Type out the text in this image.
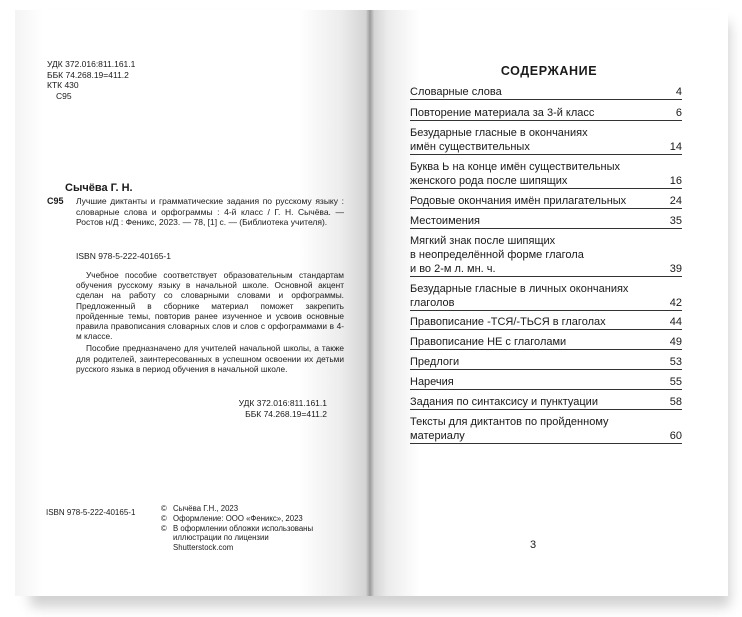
УДК 372.016:811.161.1
ББК 74.268.19=411.2
КТК 430
С95
Сычёва Г. Н.
С95 Лучшие диктанты и грамматические задания по русскому языку : словарные слова и орфограммы : 4-й класс / Г. Н. Сычёва. — Ростов н/Д : Феникс, 2023. — 78, [1] с. — (Библиотека учителя).
ISBN 978-5-222-40165-1

Учебное пособие соответствует образовательным стандартам обучения русскому языку в начальной школе. Основной акцент сделан на работу со словарными словами и орфограммы. Предложенный в сборнике материал поможет закрепить пройденные темы, повторив ранее изученное и усвоив основные правила правописания словарных слов и слов с орфограммами в 4-м классе.

Пособие предназначено для учителей начальной школы, а также для родителей, заинтересованных в успешном освоении их детьми русского языка в период обучения в начальной школе.

УДК 372.016:811.161.1
ББК 74.268.19=411.2
ISBN 978-5-222-40165-1	© Сычёва Г.Н., 2023
© Оформление: ООО «Феникс», 2023
© В оформлении обложки использованы иллюстрации по лицензии Shutterstock.com
СОДЕРЖАНИЕ
Словарные слова	4
Повторение материала за 3-й класс	6
Безударные гласные в окончаниях
имён существительных	14
Буква Ь на конце имён существительных
женского рода после шипящих	16
Родовые окончания имён прилагательных	24
Местоимения	35
Мягкий знак после шипящих
в неопределённой форме глагола
и во 2-м л. мн. ч.	39
Безударные гласные в личных окончаниях
глаголов	42
Правописание -ТСЯ/-ТЬСЯ в глаголах	44
Правописание НЕ с глаголами	49
Предлоги	53
Наречия	55
Задания по синтаксису и пунктуации	58
Тексты для диктантов по пройденному
материалу	60
3
